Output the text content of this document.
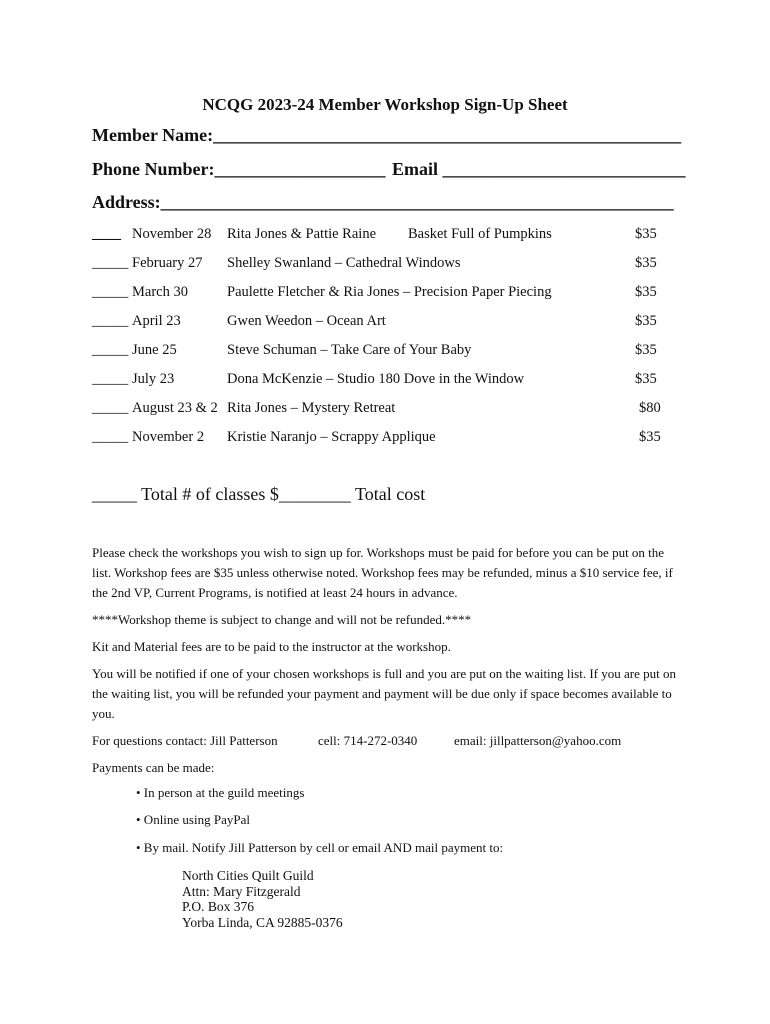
NCQG 2023-24 Member Workshop Sign-Up Sheet
Member Name:____________________________________________________
Phone Number:___________________ Email ___________________________
Address:_________________________________________________________
____ November 28 Rita Jones & Pattie Raine Basket Full of Pumpkins	$35
_____ February 27 Shelley Swanland – Cathedral Windows	$35
_____ March 30	Paulette Fletcher & Ria Jones – Precision Paper Piecing	$35
_____ April 23	Gwen Weedon – Ocean Art	$35
_____ June 25	Steve Schuman – Take Care of Your Baby	$35
_____ July 23	Dona McKenzie – Studio 180 Dove in the Window	$35
_____ August 23 & 2 Rita Jones – Mystery Retreat	$80
_____ November 2 Kristie Naranjo – Scrappy Applique	$35
_____ Total # of classes $________ Total cost
Please check the workshops you wish to sign up for. Workshops must be paid for before you can be put on the list. Workshop fees are $35 unless otherwise noted. Workshop fees may be refunded, minus a $10 service fee, if the 2nd VP, Current Programs, is notified at least 24 hours in advance.
****Workshop theme is subject to change and will not be refunded.****
Kit and Material fees are to be paid to the instructor at the workshop.
You will be notified if one of your chosen workshops is full and you are put on the waiting list. If you are put on the waiting list, you will be refunded your payment and payment will be due only if space becomes available to you.
For questions contact: Jill Patterson	cell: 714-272-0340	email: jillpatterson@yahoo.com
Payments can be made:
• In person at the guild meetings
• Online using PayPal
• By mail. Notify Jill Patterson by cell or email AND mail payment to:
North Cities Quilt Guild
Attn: Mary Fitzgerald
P.O. Box 376
Yorba Linda, CA 92885-0376
